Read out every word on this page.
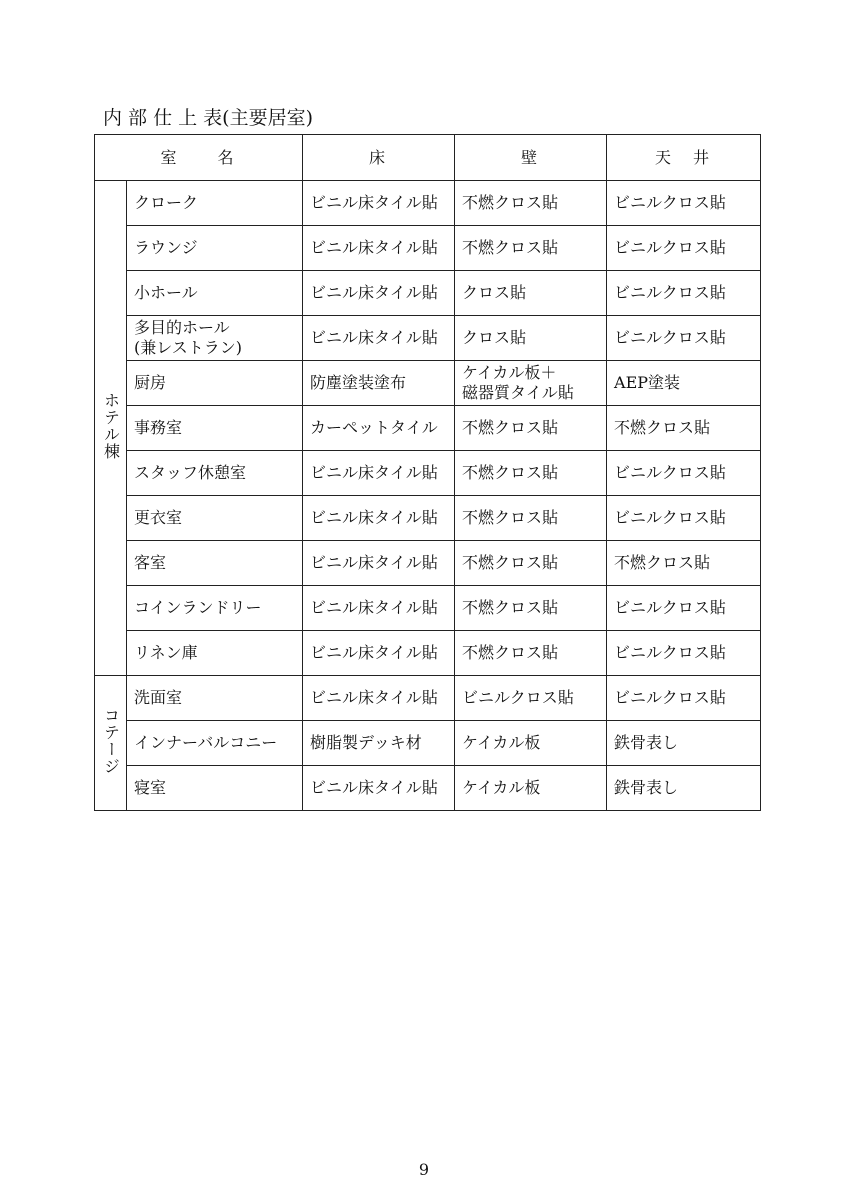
内 部 仕 上 表(主要居室)
室　　名		床	壁	天　井
ホテル棟	クローク	ビニル床タイル貼	不燃クロス貼	ビニルクロス貼

	ラウンジ	ビニル床タイル貼	不燃クロス貼	ビニルクロス貼

	小ホール	ビニル床タイル貼	クロス貼	ビニルクロス貼

	多目的ホール
(兼レストラン)	ビニル床タイル貼	クロス貼	ビニルクロス貼

	厨房	防塵塗装塗布	ケイカル板＋
磁器質タイル貼	AEP塗装

	事務室	カーペットタイル	不燃クロス貼	不燃クロス貼

	スタッフ休憩室	ビニル床タイル貼	不燃クロス貼	ビニルクロス貼

	更衣室	ビニル床タイル貼	不燃クロス貼	ビニルクロス貼

	客室	ビニル床タイル貼	不燃クロス貼	不燃クロス貼

	コインランドリー	ビニル床タイル貼	不燃クロス貼	ビニルクロス貼

	リネン庫	ビニル床タイル貼	不燃クロス貼	ビニルクロス貼

コテージ	洗面室	ビニル床タイル貼	ビニルクロス貼	ビニルクロス貼

	インナーバルコニー	樹脂製デッキ材	ケイカル板	鉄骨表し

	寝室	ビニル床タイル貼	ケイカル板	鉄骨表し
9
